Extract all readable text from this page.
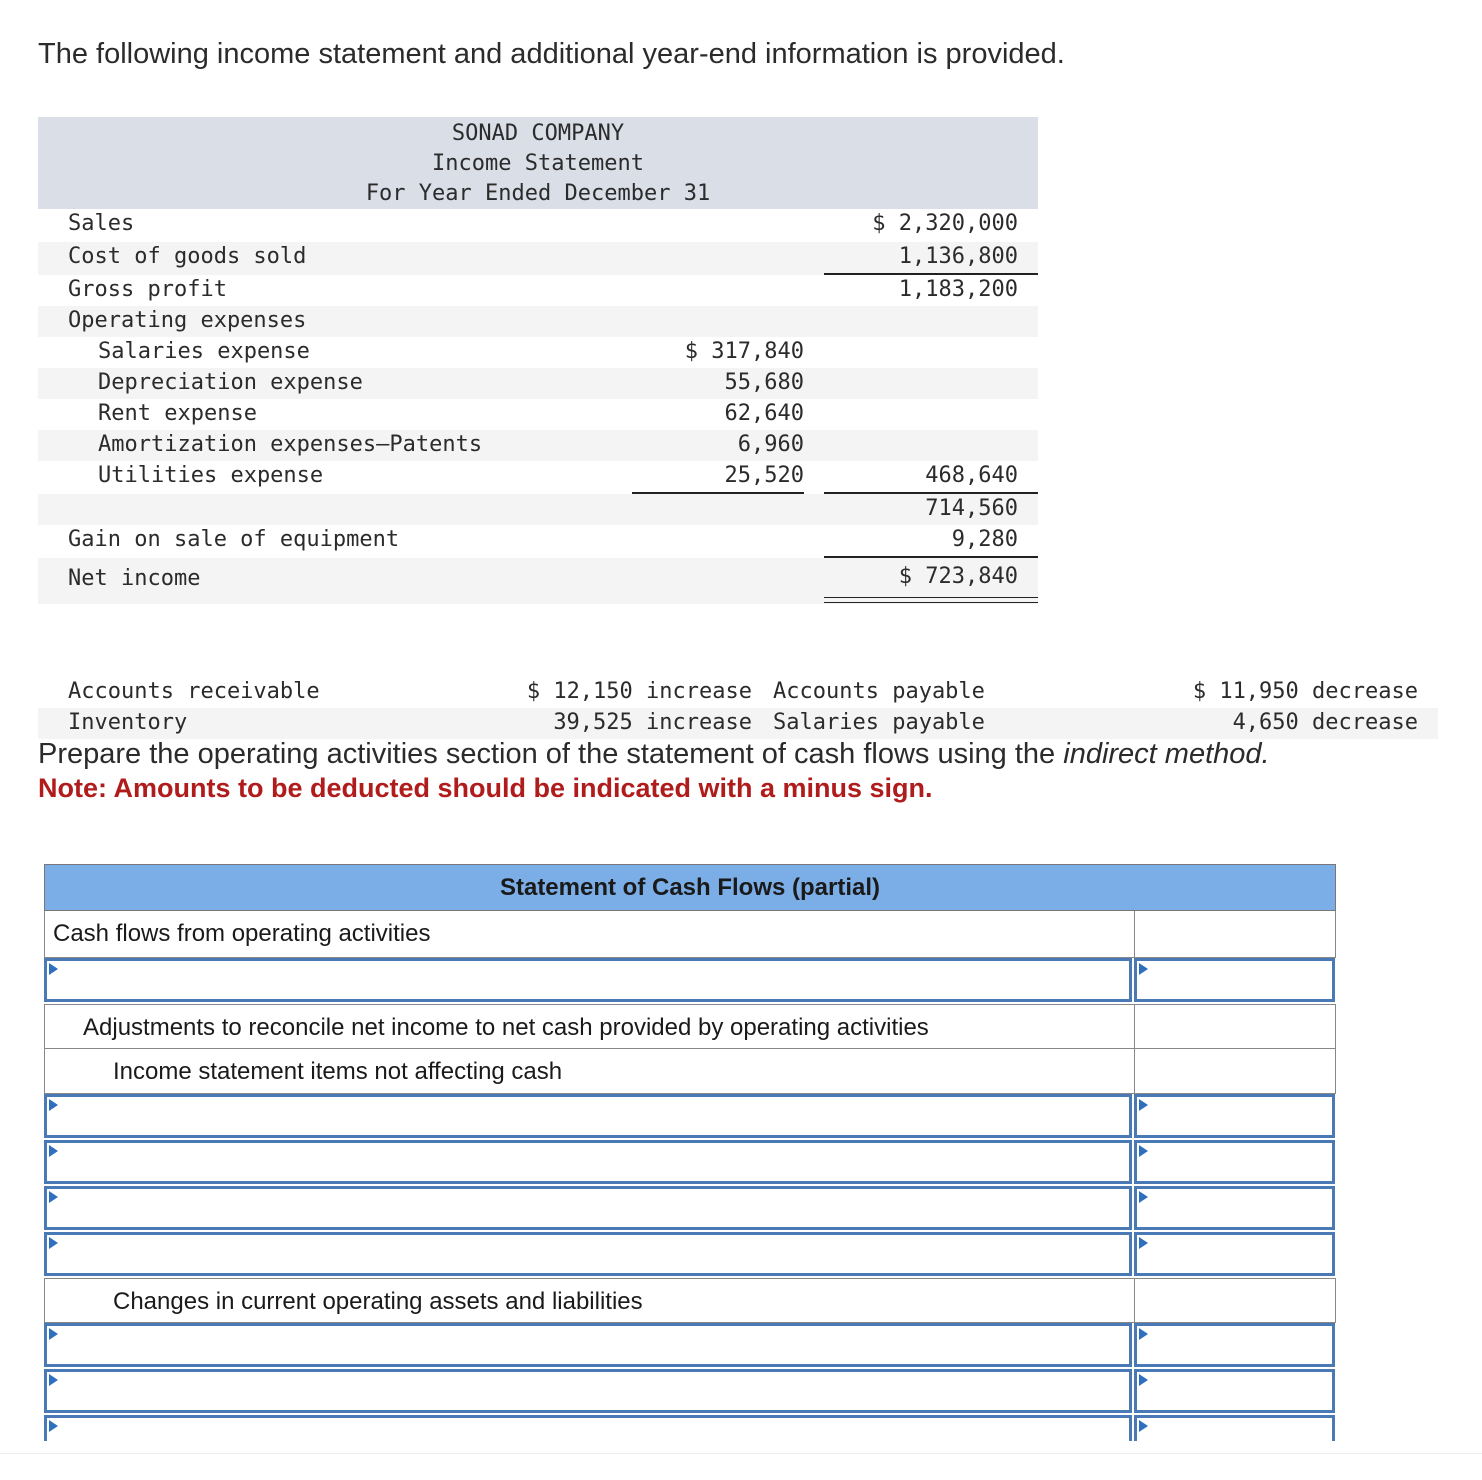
The following income statement and additional year-end information is provided.
SONAD COMPANY
Income Statement
For Year Ended December 31
Sales	$ 2,320,000
Cost of goods sold	1,136,800
Gross profit	1,183,200
Operating expenses
Salaries expense	$ 317,840
Depreciation expense	55,680
Rent expense	62,640
Amortization expenses—Patents	6,960
Utilities expense	25,520	468,640
714,560
Gain on sale of equipment	9,280
Net income	$ 723,840
Accounts receivable	$ 12,150 increase Accounts payable	$ 11,950 decrease
Inventory	39,525 increase Salaries payable	4,650 decrease
Prepare the operating activities section of the statement of cash flows using the indirect method.
Note: Amounts to be deducted should be indicated with a minus sign.
Statement of Cash Flows (partial)
Cash flows from operating activities
Adjustments to reconcile net income to net cash provided by operating activities
Income statement items not affecting cash
Changes in current operating assets and liabilities
